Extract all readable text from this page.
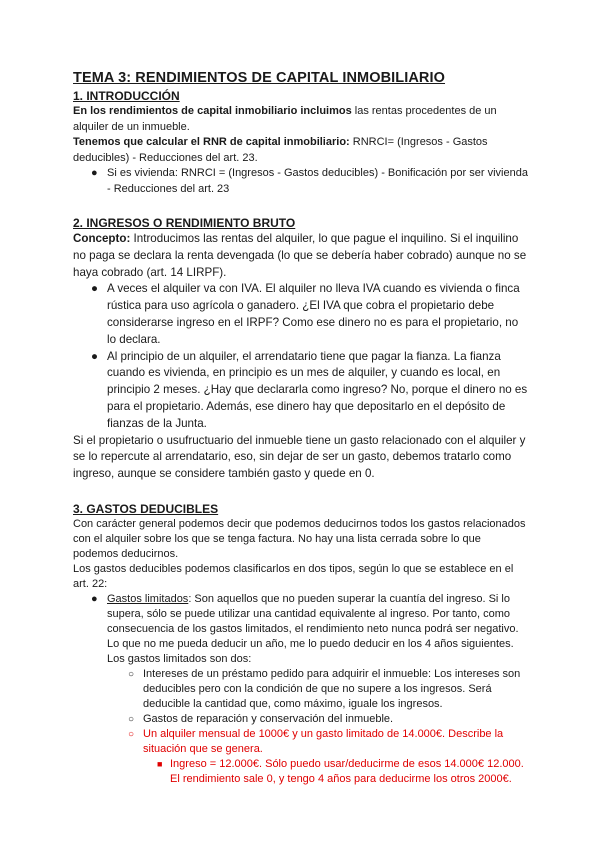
TEMA 3: RENDIMIENTOS DE CAPITAL INMOBILIARIO
1. INTRODUCCIÓN

En los rendimientos de capital inmobiliario incluimos las rentas procedentes de un alquiler de un inmueble.

Tenemos que calcular el RNR de capital inmobiliario: RNRCI= (Ingresos - Gastos deducibles) - Reducciones del art. 23.

● Si es vivienda: RNRCI = (Ingresos - Gastos deducibles) - Bonificación por ser vivienda - Reducciones del art. 23
2. INGRESOS O RENDIMIENTO BRUTO

Concepto: Introducimos las rentas del alquiler, lo que pague el inquilino. Si el inquilino no paga se declara la renta devengada (lo que se debería haber cobrado) aunque no se haya cobrado (art. 14 LIRPF).

● A veces el alquiler va con IVA. El alquiler no lleva IVA cuando es vivienda o finca rústica para uso agrícola o ganadero. ¿El IVA que cobra el propietario debe considerarse ingreso en el IRPF? Como ese dinero no es para el propietario, no lo declara.
● Al principio de un alquiler, el arrendatario tiene que pagar la fianza. La fianza cuando es vivienda, en principio es un mes de alquiler, y cuando es local, en principio 2 meses. ¿Hay que declararla como ingreso? No, porque el dinero no es para el propietario. Además, ese dinero hay que depositarlo en el depósito de fianzas de la Junta.

Si el propietario o usufructuario del inmueble tiene un gasto relacionado con el alquiler y se lo repercute al arrendatario, eso, sin dejar de ser un gasto, debemos tratarlo como ingreso, aunque se considere también gasto y quede en 0.

3. GASTOS DEDUCIBLES

Con carácter general podemos decir que podemos deducirnos todos los gastos relacionados con el alquiler sobre los que se tenga factura. No hay una lista cerrada sobre lo que podemos deducirnos.

Los gastos deducibles podemos clasificarlos en dos tipos, según lo que se establece en el art. 22:

● Gastos limitados: Son aquellos que no pueden superar la cuantía del ingreso. Si lo supera, sólo se puede utilizar una cantidad equivalente al ingreso. Por tanto, como consecuencia de los gastos limitados, el rendimiento neto nunca podrá ser negativo. Lo que no me pueda deducir un año, me lo puedo deducir en los 4 años siguientes. Los gastos limitados son dos:
○ Intereses de un préstamo pedido para adquirir el inmueble: Los intereses son deducibles pero con la condición de que no supere a los ingresos. Será deducible la cantidad que, como máximo, iguale los ingresos.
○ Gastos de reparación y conservación del inmueble.
○ Un alquiler mensual de 1000€ y un gasto limitado de 14.000€. Describe la situación que se genera.
■ Ingreso = 12.000€. Sólo puedo usar/deducirme de esos 14.000€ 12.000. El rendimiento sale 0, y tengo 4 años para deducirme los otros 2000€.
